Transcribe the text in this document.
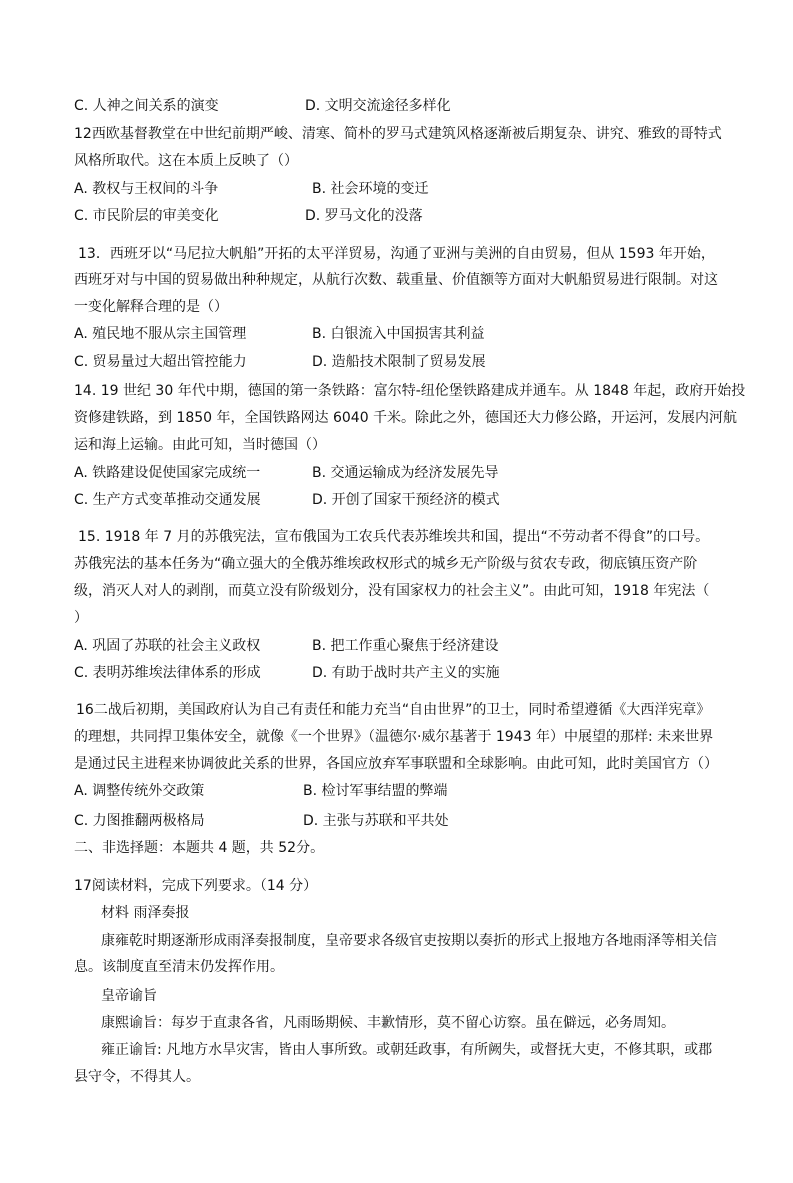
C. 人神之间关系的演变	D. 文明交流途径多样化
12西欧基督教堂在中世纪前期严峻、清寒、简朴的罗马式建筑风格逐渐被后期复杂、讲究、雅致的哥特式
风格所取代。这在本质上反映了（）
A. 教权与王权间的斗争	B. 社会环境的变迁
C. 市民阶层的审美变化	D. 罗马文化的没落
13．西班牙以“马尼拉大帆船”开拓的太平洋贸易，沟通了亚洲与美洲的自由贸易，但从 1593 年开始，
西班牙对与中国的贸易做出种种规定，从航行次数、载重量、价值额等方面对大帆船贸易进行限制。对这
一变化解释合理的是（）
A. 殖民地不服从宗主国管理	B. 白银流入中国损害其利益
C. 贸易量过大超出管控能力	D. 造船技术限制了贸易发展
14. 19 世纪 30 年代中期，德国的第一条铁路：富尔特-纽伦堡铁路建成并通车。从 1848 年起，政府开始投
资修建铁路，到 1850 年，全国铁路网达 6040 千米。除此之外，德国还大力修公路，开运河，发展内河航
运和海上运输。由此可知，当时德国（）
A. 铁路建设促使国家完成统一	B. 交通运输成为经济发展先导
C. 生产方式变革推动交通发展	D. 开创了国家干预经济的模式
15. 1918 年 7 月的苏俄宪法，宣布俄国为工农兵代表苏维埃共和国，提出“不劳动者不得食”的口号。
苏俄宪法的基本任务为“确立强大的全俄苏维埃政权形式的城乡无产阶级与贫农专政，彻底镇压资产阶
级，消灭人对人的剥削，而莫立没有阶级划分，没有国家权力的社会主义”。由此可知，1918 年宪法（
）
A. 巩固了苏联的社会主义政权	B. 把工作重心聚焦于经济建设
C. 表明苏维埃法律体系的形成	D. 有助于战时共产主义的实施
16二战后初期，美国政府认为自己有责任和能力充当“自由世界”的卫士，同时希望遵循《大西洋宪章》
的理想，共同捍卫集体安全，就像《一个世界》（温德尔·威尔基著于 1943 年）中展望的那样: 未来世界
是通过民主进程来协调彼此关系的世界，各国应放弃军事联盟和全球影响。由此可知，此时美国官方（）
A. 调整传统外交政策	B. 检讨军事结盟的弊端
C. 力图推翻两极格局	D. 主张与苏联和平共处
二、非选择题：本题共 4 题，共 52分。
17阅读材料，完成下列要求。（14 分）
材料 雨泽奏报
康雍乾时期逐渐形成雨泽奏报制度，皇帝要求各级官吏按期以奏折的形式上报地方各地雨泽等相关信
息。该制度直至清末仍发挥作用。
皇帝谕旨
康熙谕旨：每岁于直隶各省，凡雨旸期候、丰歉情形，莫不留心访察。虽在僻远，必务周知。
雍正谕旨: 凡地方水旱灾害，皆由人事所致。或朝廷政事，有所阙失，或督抚大吏，不修其职，或郡
县守令，不得其人。
